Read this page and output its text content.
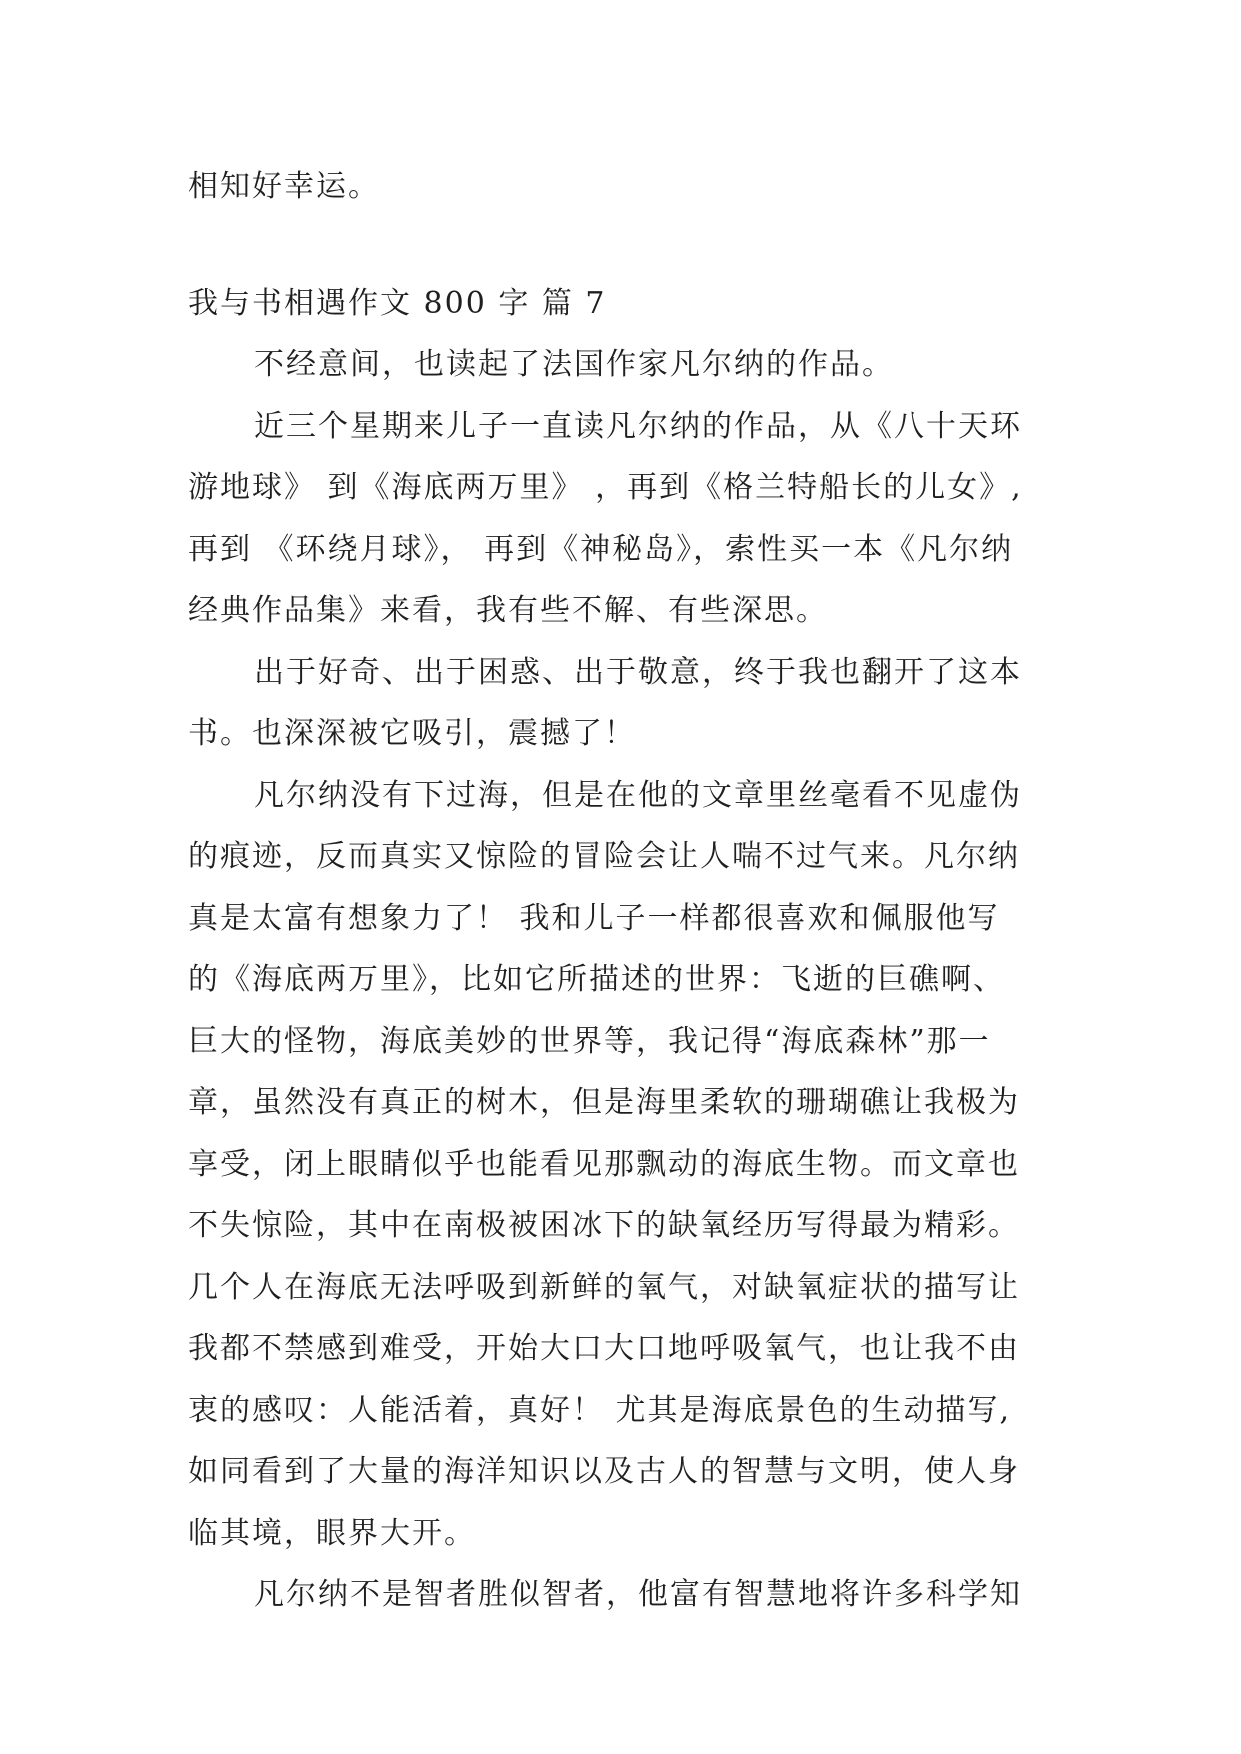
相知好幸运。
我与书相遇作文 800 字 篇 7
不经意间，也读起了法国作家凡尔纳的作品。
近三个星期来儿子一直读凡尔纳的作品，从《八十天环
游地球》 到《海底两万里》 ，再到《格兰特船长的儿女》,
再到 《环绕月球》， 再到《神秘岛》，索性买一本《凡尔纳
经典作品集》来看，我有些不解、有些深思。
出于好奇、出于困惑、出于敬意，终于我也翻开了这本
书。也深深被它吸引，震撼了！
凡尔纳没有下过海，但是在他的文章里丝毫看不见虚伪
的痕迹，反而真实又惊险的冒险会让人喘不过气来。凡尔纳
真是太富有想象力了！ 我和儿子一样都很喜欢和佩服他写
的《海底两万里》，比如它所描述的世界：飞逝的巨礁啊、
巨大的怪物，海底美妙的世界等，我记得“海底森林”那一
章，虽然没有真正的树木，但是海里柔软的珊瑚礁让我极为
享受，闭上眼睛似乎也能看见那飘动的海底生物。而文章也
不失惊险，其中在南极被困冰下的缺氧经历写得最为精彩。
几个人在海底无法呼吸到新鲜的氧气，对缺氧症状的描写让
我都不禁感到难受，开始大口大口地呼吸氧气，也让我不由
衷的感叹：人能活着，真好！ 尤其是海底景色的生动描写,
如同看到了大量的海洋知识以及古人的智慧与文明，使人身
临其境，眼界大开。
凡尔纳不是智者胜似智者，他富有智慧地将许多科学知
